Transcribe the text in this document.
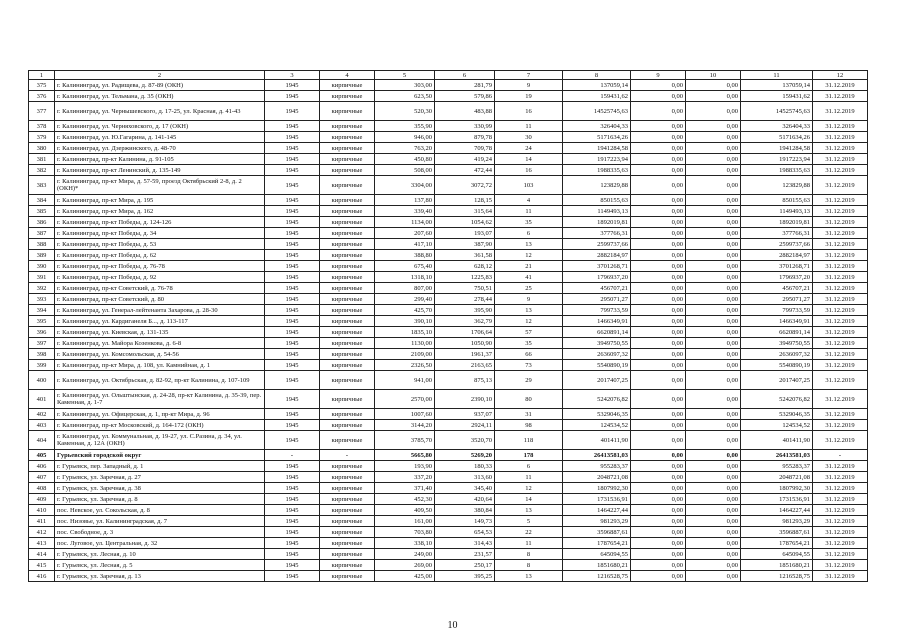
1	2	3	4	5	6	7	8	9	10	11	12
375	г. Калининград, ул. Радищева, д. 87-89 (ОКН)	1945	кирпичные	303,00	281,79	9	137059,14	0,00	0,00	137059,14	31.12.2019
376	г. Калининград, ул. Тельмана, д. 35 (ОКН)	1945	кирпичные	623,50	579,86	19	159431,62	0,00	0,00	159431,62	31.12.2019
377	г. Калининград, ул. Чернышевского, д. 17-25, ул. Красная, д. 41-43	1945	кирпичные	520,30	483,88	16	14525745,63	0,00	0,00	14525745,63	31.12.2019
378	г. Калининград, ул. Черняховского, д. 17 (ОКН)	1945	кирпичные	355,90	330,99	11	326404,33	0,00	0,00	326404,33	31.12.2019
379	г. Калининград, ул. Ю.Гагарина, д. 141-145	1945	кирпичные	946,00	879,78	30	5171634,26	0,00	0,00	5171634,26	31.12.2019
380	г. Калининград, ул. Дзержинского, д. 48-70	1945	кирпичные	763,20	709,78	24	1941284,58	0,00	0,00	1941284,58	31.12.2019
381	г. Калининград, пр-кт Калинина, д. 91-105	1945	кирпичные	450,80	419,24	14	1917223,94	0,00	0,00	1917223,94	31.12.2019
382	г. Калининград, пр-кт Ленинский, д. 135-149	1945	кирпичные	508,00	472,44	16	1988335,63	0,00	0,00	1988335,63	31.12.2019
383	г. Калининград, пр-кт Мира, д. 57-59, проезд Октябрьский 2-8, д. 2 (ОКН)*	1945	кирпичные	3304,00	3072,72	103	123829,88	0,00	0,00	123829,88	31.12.2019
384	г. Калининград, пр-кт Мира, д. 195	1945	кирпичные	137,80	128,15	4	850155,63	0,00	0,00	850155,63	31.12.2019
385	г. Калининград, пр-кт Мира, д. 162	1945	кирпичные	339,40	315,64	11	1149493,13	0,00	0,00	1149493,13	31.12.2019
386	г. Калининград, пр-кт Победы, д. 124-126	1945	кирпичные	1134,00	1054,62	35	1892019,81	0,00	0,00	1892019,81	31.12.2019
387	г. Калининград, пр-кт Победы, д. 34	1945	кирпичные	207,60	193,07	6	377766,31	0,00	0,00	377766,31	31.12.2019
388	г. Калининград, пр-кт Победы, д. 53	1945	кирпичные	417,10	387,90	13	2599737,66	0,00	0,00	2599737,66	31.12.2019
389	г. Калининград, пр-кт Победы, д. 62	1945	кирпичные	388,80	361,58	12	2882184,97	0,00	0,00	2882184,97	31.12.2019
390	г. Калининград, пр-кт Победы, д. 76-78	1945	кирпичные	675,40	628,12	21	3701268,71	0,00	0,00	3701268,71	31.12.2019
391	г. Калининград, пр-кт Победы, д. 92	1945	кирпичные	1318,10	1225,83	41	1796937,20	0,00	0,00	1796937,20	31.12.2019
392	г. Калининград, пр-кт Советский, д. 76-78	1945	кирпичные	807,00	750,51	25	456707,21	0,00	0,00	456707,21	31.12.2019
393	г. Калининград, пр-кт Советский, д. 80	1945	кирпичные	299,40	278,44	9	295071,27	0,00	0,00	295071,27	31.12.2019
394	г. Калининград, ул. Генерал-лейтенанта Захарова, д. 28-30	1945	кирпичные	425,70	395,90	13	799733,59	0,00	0,00	799733,59	31.12.2019
395	г. Калининград, ул. Кардиганеля Б..., д. 113-117	1945	кирпичные	390,10	362,79	12	1466349,91	0,00	0,00	1466349,91	31.12.2019
396	г. Калининград, ул. Киевская, д. 131-135	1945	кирпичные	1835,10	1706,64	57	6620891,14	0,00	0,00	6620891,14	31.12.2019
397	г. Калининград, ул. Майора Козенкова, д. 6-8	1945	кирпичные	1130,00	1050,90	35	3949750,55	0,00	0,00	3949750,55	31.12.2019
398	г. Калининград, ул. Комсомольская, д. 54-56	1945	кирпичные	2109,00	1961,37	66	2636097,32	0,00	0,00	2636097,32	31.12.2019
399	г. Калининград, пр-кт Мира, д. 108, ул. Камнийная, д. 1	1945	кирпичные	2326,50	2163,65	73	5540890,19	0,00	0,00	5540890,19	31.12.2019
400	г. Калининград, ул. Октябрьская, д. 82-92, пр-кт Калинина, д. 107-109	1945	кирпичные	941,00	875,13	29	2017407,25	0,00	0,00	2017407,25	31.12.2019
401	г. Калининград, ул. Ольштынская, д. 24-28, пр-кт Калинина, д. 35-39, пер. Каменная, д. 1-7	1945	кирпичные	2570,00	2390,10	80	5242076,82	0,00	0,00	5242076,82	31.12.2019
402	г. Калининград, ул. Офицерская, д. 1, пр-кт Мира, д. 96	1945	кирпичные	1007,60	937,07	31	5329046,35	0,00	0,00	5329046,35	31.12.2019
403	г. Калининград, пр-кт Московский, д. 164-172 (ОКН)	1945	кирпичные	3144,20	2924,11	98	124534,52	0,00	0,00	124534,52	31.12.2019
404	г. Калининград, ул. Коммунальная, д. 19-27, ул. С.Разина, д. 34, ул. Каменная, д. 12А (ОКН)	1945	кирпичные	3785,70	3520,70	118	401411,90	0,00	0,00	401411,90	31.12.2019
405	Гурьевский городской округ	-	-	5665,80	5269,20	178	26413581,03	0,00	0,00	26413581,03	-
406	г. Гурьевск, пер. Западный, д. 1	1945	кирпичные	193,90	180,33	6	955283,37	0,00	0,00	955283,37	31.12.2019
407	г. Гурьевск, ул. Заречная, д. 27	1945	кирпичные	337,20	313,60	11	2048721,08	0,00	0,00	2048721,08	31.12.2019
408	г. Гурьевск, ул. Заречная, д. 38	1945	кирпичные	371,40	345,40	12	1807992,30	0,00	0,00	1807992,30	31.12.2019
409	г. Гурьевск, ул. Заречная, д. 8	1945	кирпичные	452,30	420,64	14	1731536,91	0,00	0,00	1731536,91	31.12.2019
410	пос. Невское, ул. Сокольская, д. 8	1945	кирпичные	409,50	380,84	13	1464227,44	0,00	0,00	1464227,44	31.12.2019
411	пос. Низовье, ул. Калининградская, д. 7	1945	кирпичные	161,00	149,73	5	981293,29	0,00	0,00	981293,29	31.12.2019
412	пос. Свободное, д. 3	1945	кирпичные	703,80	654,53	22	3596887,61	0,00	0,00	3596887,61	31.12.2019
413	пос. Луговое, ул. Центральная, д. 32	1945	кирпичные	338,10	314,43	11	1787654,21	0,00	0,00	1787654,21	31.12.2019
414	г. Гурьевск, ул. Лесная, д. 10	1945	кирпичные	249,00	231,57	8	645094,55	0,00	0,00	645094,55	31.12.2019
415	г. Гурьевск, ул. Лесная, д. 5	1945	кирпичные	269,00	250,17	8	1851680,21	0,00	0,00	1851680,21	31.12.2019
416	г. Гурьевск, ул. Заречная, д. 13	1945	кирпичные	425,00	395,25	13	1216528,75	0,00	0,00	1216528,75	31.12.2019
10
